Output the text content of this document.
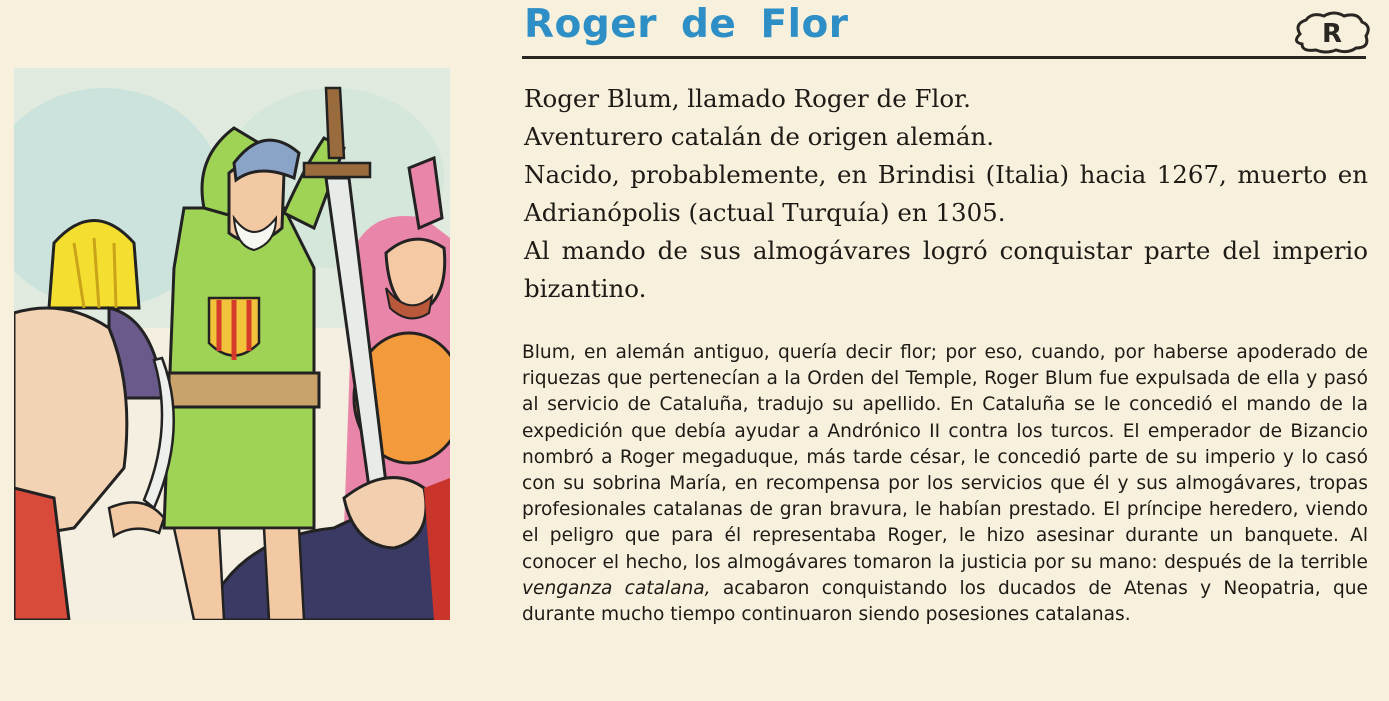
Roger de Flor	R

Roger Blum, llamado Roger de Flor.

Aventurero catalán de origen alemán.

Nacido, probablemente, en Brindisi (Italia) hacia 1267, muerto en Adrianópolis (actual Turquía) en 1305.

Al mando de sus almogávares logró conquistar parte del imperio bizantino.

Blum, en alemán antiguo, quería decir flor; por eso, cuando, por haberse apoderado de riquezas que pertenecían a la Orden del Temple, Roger Blum fue expulsada de ella y pasó al servicio de Cataluña, tradujo su apellido. En Cataluña se le concedió el mando de la expedición que debía ayudar a Andrónico II contra los turcos. El emperador de Bizancio nombró a Roger megaduque, más tarde césar, le concedió parte de su imperio y lo casó con su sobrina María, en recompensa por los servicios que él y sus almogávares, tropas profesionales catalanas de gran bravura, le habían prestado. El príncipe heredero, viendo el peligro que para él representaba Roger, le hizo asesinar durante un banquete. Al conocer el hecho, los almogávares tomaron la justicia por su mano: después de la terrible venganza catalana, acabaron conquistando los ducados de Atenas y Neopatria, que durante mucho tiempo continuaron siendo posesiones catalanas.
